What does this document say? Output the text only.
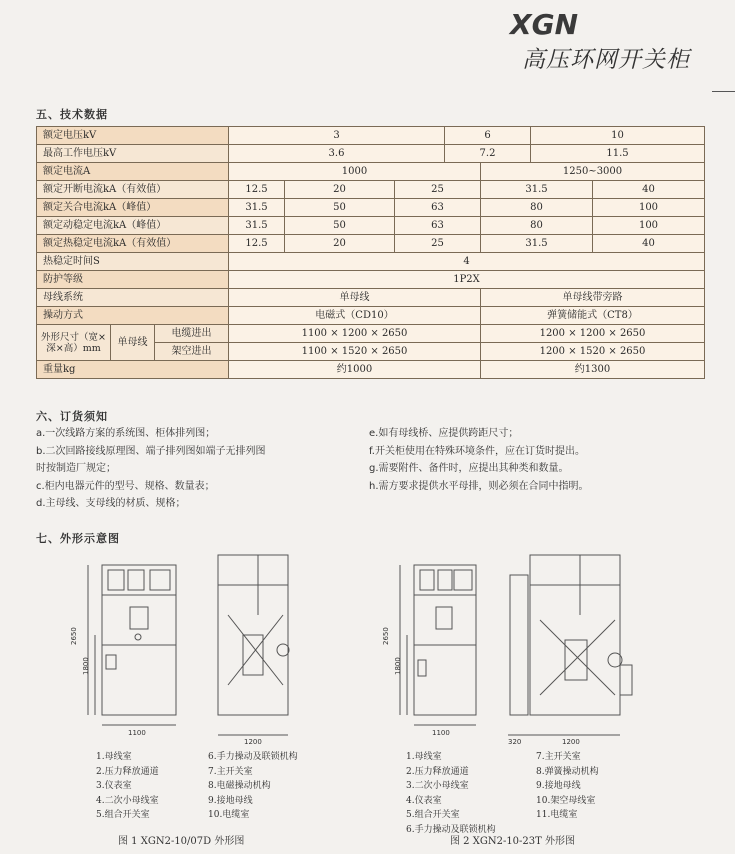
XGN
高压环网开关柜
五、技术数据
额定电压kV			3			6		10	
最高工作电压kV			3.6			7.2		11.5	
额定电流A			1000				1250~3000		
额定开断电流kA（有效值）			12.5	20	25		31.5		40
额定关合电流kA（峰值）			31.5	50	63		80		100
额定动稳定电流kA（峰值）			31.5	50	63		80		100
额定热稳定电流kA（有效值）			12.5	20	25		31.5		40
热稳定时间S			4						
防护等级			1P2X						
母线系统			单母线				单母线带旁路		
操动方式			电磁式（CD10）				弹簧储能式（CT8）		
外形尺寸（宽×深×高）mm	单母线	电缆进出	1100 × 1200 × 2650				1200 × 1200 × 2650		
		架空进出	1100 × 1520 × 2650				1200 × 1520 × 2650		
重量kg			约1000				约1300		
六、订货须知
a.一次线路方案的系统图、柜体排列图；
b.二次回路接线原理图、端子排列图如端子无排列图
时按制造厂规定；
c.柜内电器元件的型号、规格、数量表；
d.主母线、支母线的材质、规格；
e.如有母线桥、应提供跨距尺寸；
f.开关柜使用在特殊环境条件，应在订货时提出。
g.需要附件、备件时，应提出其种类和数量。
h.需方要求提供水平母排，则必须在合同中指明。
七、外形示意图
2650
1800
1100
1200
2650
1800
1100
320	1200
1.母线室
2.压力释放通道
3.仪表室
4.二次小母线室
5.组合开关室
6.手力操动及联锁机构
7.主开关室
8.电磁操动机构
9.接地母线
10.电缆室
图 1 XGN2-10/07D 外形图
1.母线室
2.压力释放通道
3.二次小母线室
4.仪表室
5.组合开关室
6.手力操动及联锁机构
7.主开关室
8.弹簧操动机构
9.接地母线
10.架空母线室
11.电缆室
图 2 XGN2-10-23T 外形图
